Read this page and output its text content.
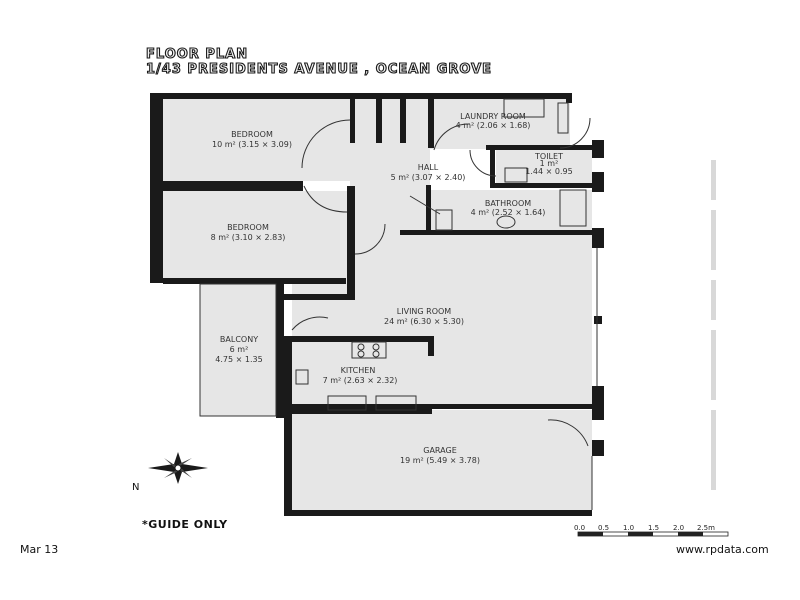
FLOOR PLAN
1/43 PRESIDENTS AVENUE , OCEAN GROVE
BEDROOM
10 m² (3.15 × 3.09)
BEDROOM
8 m² (3.10 × 2.83)
HALL
5 m² (3.07 × 2.40)
LAUNDRY ROOM
4 m² (2.06 × 1.68)
TOILET
1 m²
1.44 × 0.95
BATHROOM
4 m² (2.52 × 1.64)
LIVING ROOM
24 m² (6.30 × 5.30)
BALCONY
6 m²
4.75 × 1.35
KITCHEN
7 m² (2.63 × 2.32)
GARAGE
19 m² (5.49 × 3.78)
N
0.0 0.5 1.0 1.5 2.0 2.5m
*GUIDE ONLY
Mar 13	www.rpdata.com
